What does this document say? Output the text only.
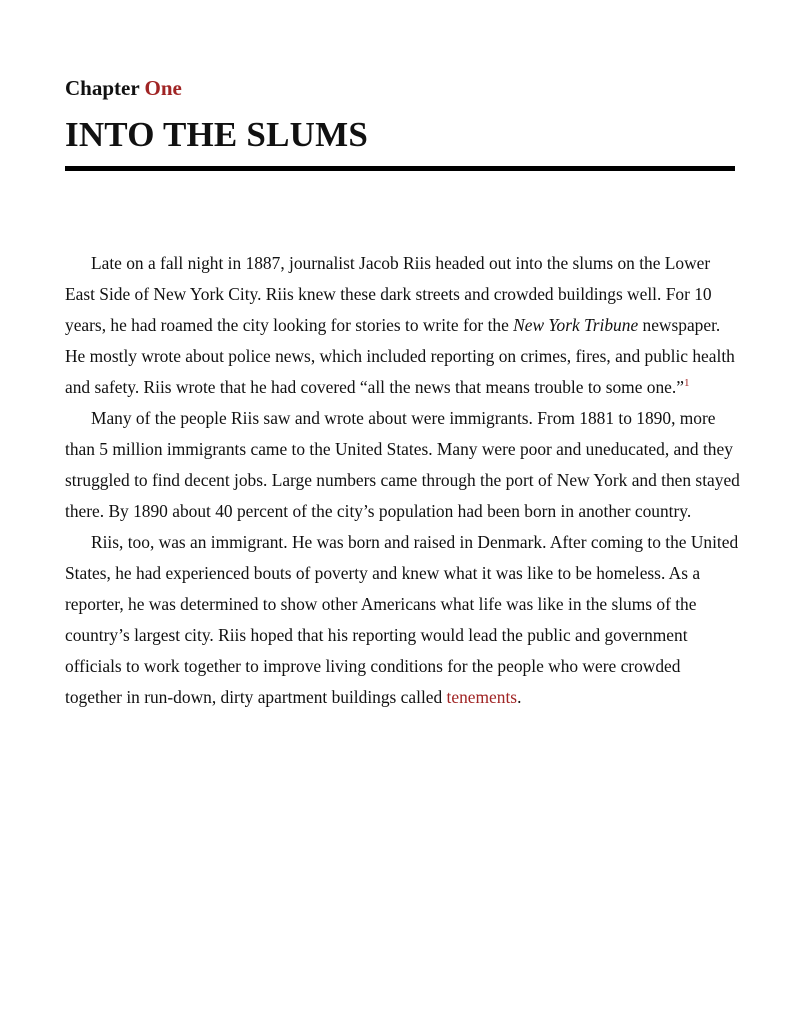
Chapter One
INTO THE SLUMS

Late on a fall night in 1887, journalist Jacob Riis headed out into the slums on the Lower East Side of New York City. Riis knew these dark streets and crowded buildings well. For 10 years, he had roamed the city looking for stories to write for the New York Tribune newspaper. He mostly wrote about police news, which included reporting on crimes, fires, and public health and safety. Riis wrote that he had covered “all the news that means trouble to some one.”$^1$

Many of the people Riis saw and wrote about were immigrants. From 1881 to 1890, more than 5 million immigrants came to the United States. Many were poor and uneducated, and they struggled to find decent jobs. Large numbers came through the port of New York and then stayed there. By 1890 about 40 percent of the city’s population had been born in another country.

Riis, too, was an immigrant. He was born and raised in Denmark. After coming to the United States, he had experienced bouts of poverty and knew what it was like to be homeless. As a reporter, he was determined to show other Americans what life was like in the slums of the country’s largest city. Riis hoped that his reporting would lead the public and government officials to work together to improve living conditions for the people who were crowded together in run-down, dirty apartment buildings called tenements.
